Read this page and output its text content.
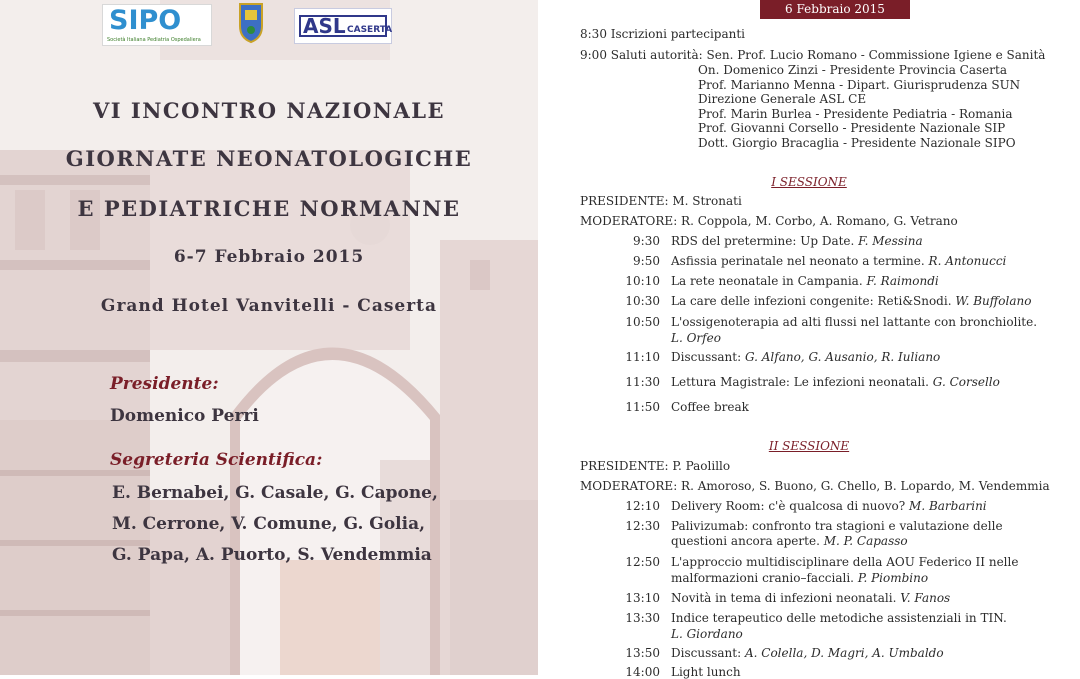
SIPO
Società Italiana Pediatria Ospedaliera
ASL CASERTA
VI INCONTRO NAZIONALE
GIORNATE NEONATOLOGICHE
E PEDIATRICHE NORMANNE
6-7 Febbraio 2015
Grand Hotel Vanvitelli - Caserta
Presidente:
Domenico Perri
Segreteria Scientifica:
E. Bernabei, G. Casale, G. Capone,
M. Cerrone, V. Comune, G. Golia,
G. Papa, A. Puorto, S. Vendemmia
6 Febbraio 2015
8:30 Iscrizioni partecipanti
9:00 Saluti autorità: Sen. Prof. Lucio Romano - Commissione Igiene e Sanità
On. Domenico Zinzi - Presidente Provincia Caserta
Prof. Marianno Menna - Dipart. Giurisprudenza SUN
Direzione Generale ASL CE
Prof. Marin Burlea - Presidente Pediatria - Romania
Prof. Giovanni Corsello - Presidente Nazionale SIP
Dott. Giorgio Bracaglia - Presidente Nazionale SIPO
I SESSIONE
PRESIDENTE: M. Stronati
MODERATORE: R. Coppola, M. Corbo, A. Romano, G. Vetrano
9:30 RDS del pretermine: Up Date. F. Messina
9:50 Asfissia perinatale nel neonato a termine. R. Antonucci
10:10 La rete neonatale in Campania. F. Raimondi
10:30 La care delle infezioni congenite: Reti&Snodi. W. Buffolano
10:50 L'ossigenoterapia ad alti flussi nel lattante con bronchiolite.
L. Orfeo
11:10 Discussant: G. Alfano, G. Ausanio, R. Iuliano
11:30 Lettura Magistrale: Le infezioni neonatali. G. Corsello
11:50 Coffee break
II SESSIONE
PRESIDENTE: P. Paolillo
MODERATORE: R. Amoroso, S. Buono, G. Chello, B. Lopardo, M. Vendemmia
12:10 Delivery Room: c'è qualcosa di nuovo? M. Barbarini
12:30 Palivizumab: confronto tra stagioni e valutazione delle
questioni ancora aperte. M. P. Capasso
12:50 L'approccio multidisciplinare della AOU Federico II nelle
malformazioni cranio–facciali. P. Piombino
13:10 Novità in tema di infezioni neonatali. V. Fanos
13:30 Indice terapeutico delle metodiche assistenziali in TIN.
L. Giordano
13:50 Discussant: A. Colella, D. Magri, A. Umbaldo
14:00 Light lunch
